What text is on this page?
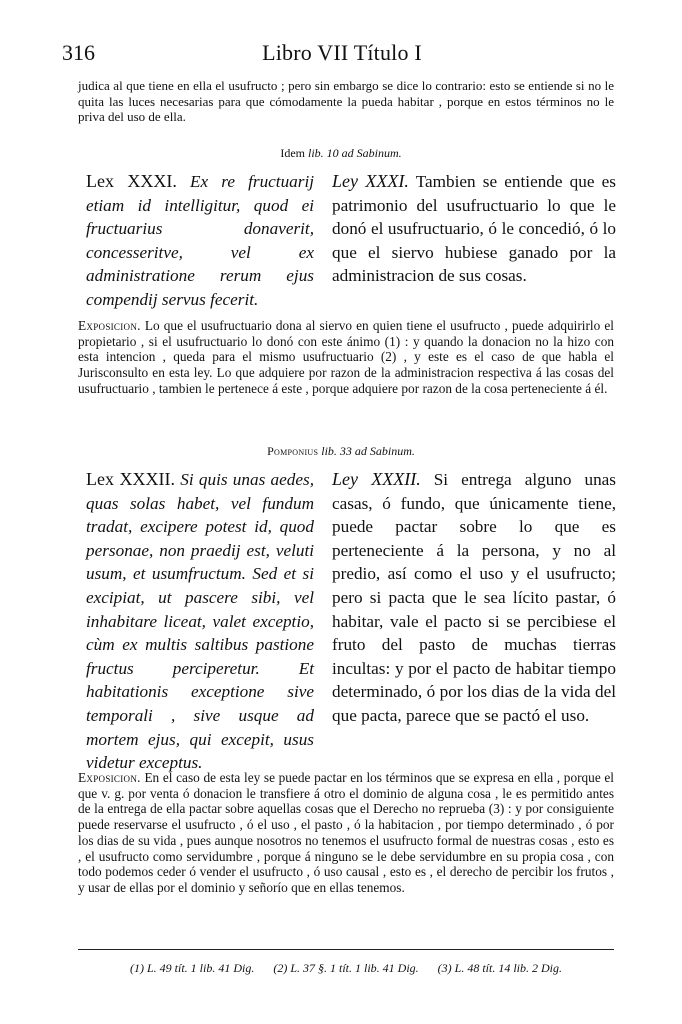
316	Libro VII Título I
judica al que tiene en ella el usufructo ; pero sin embargo se dice lo contrario: esto se entiende si no le quita las luces necesarias para que cómodamente la pueda habitar , porque en estos términos no le priva del uso de ella.
Idem lib. 10 ad Sabinum.
Lex XXXI. Ex re fructuarij etiam id intelligitur, quod ei fructuarius donaverit, concesseritve, vel ex administratione rerum ejus compendij servus fecerit.
Ley XXXI. Tambien se entiende que es patrimonio del usufructuario lo que le donó el usufructuario, ó le concedió, ó lo que el siervo hubiese ganado por la administracion de sus cosas.
Exposicion. Lo que el usufructuario dona al siervo en quien tiene el usufructo , puede adquirirlo el propietario , si el usufructuario lo donó con este ánimo (1) : y quando la donacion no la hizo con esta intencion , queda para el mismo usufructuario (2) , y este es el caso de que habla el Jurisconsulto en esta ley. Lo que adquiere por razon de la administracion respectiva á las cosas del usufructuario , tambien le pertenece á este , porque adquiere por razon de la cosa perteneciente á él.
Pomponius lib. 33 ad Sabinum.
Lex XXXII. Si quis unas aedes, quas solas habet, vel fundum tradat, excipere potest id, quod personae, non praedij est, veluti usum, et usumfructum. Sed et si excipiat, ut pascere sibi, vel inhabitare liceat, valet exceptio, cùm ex multis saltibus pastione fructus perciperetur. Et habitationis exceptione sive temporali , sive usque ad mortem ejus, qui excepit, usus videtur exceptus.
Ley XXXII. Si entrega alguno unas casas, ó fundo, que únicamente tiene, puede pactar sobre lo que es perteneciente á la persona, y no al predio, así como el uso y el usufructo; pero si pacta que le sea lícito pastar, ó habitar, vale el pacto si se percibiese el fruto del pasto de muchas tierras incultas: y por el pacto de habitar tiempo determinado, ó por los dias de la vida del que pacta, parece que se pactó el uso.
Exposicion. En el caso de esta ley se puede pactar en los términos que se expresa en ella , porque el que v. g. por venta ó donacion le transfiere á otro el dominio de alguna cosa , le es permitido antes de la entrega de ella pactar sobre aquellas cosas que el Derecho no reprueba (3) : y por consiguiente puede reservarse el usufructo , ó el uso , el pasto , ó la habitacion , por tiempo determinado , ó por los dias de su vida , pues aunque nosotros no tenemos el usufructo formal de nuestras cosas , esto es , el usufructo como servidumbre , porque á ninguno se le debe servidumbre en su propia cosa , con todo podemos ceder ó vender el usufructo , ó uso causal , esto es , el derecho de percibir los frutos , y usar de ellas por el dominio y señorío que en ellas tenemos.
(1) L. 49 tít. 1 lib. 41 Dig. (2) L. 37 §. 1 tít. 1 lib. 41 Dig. (3) L. 48 tít. 14 lib. 2 Dig.
